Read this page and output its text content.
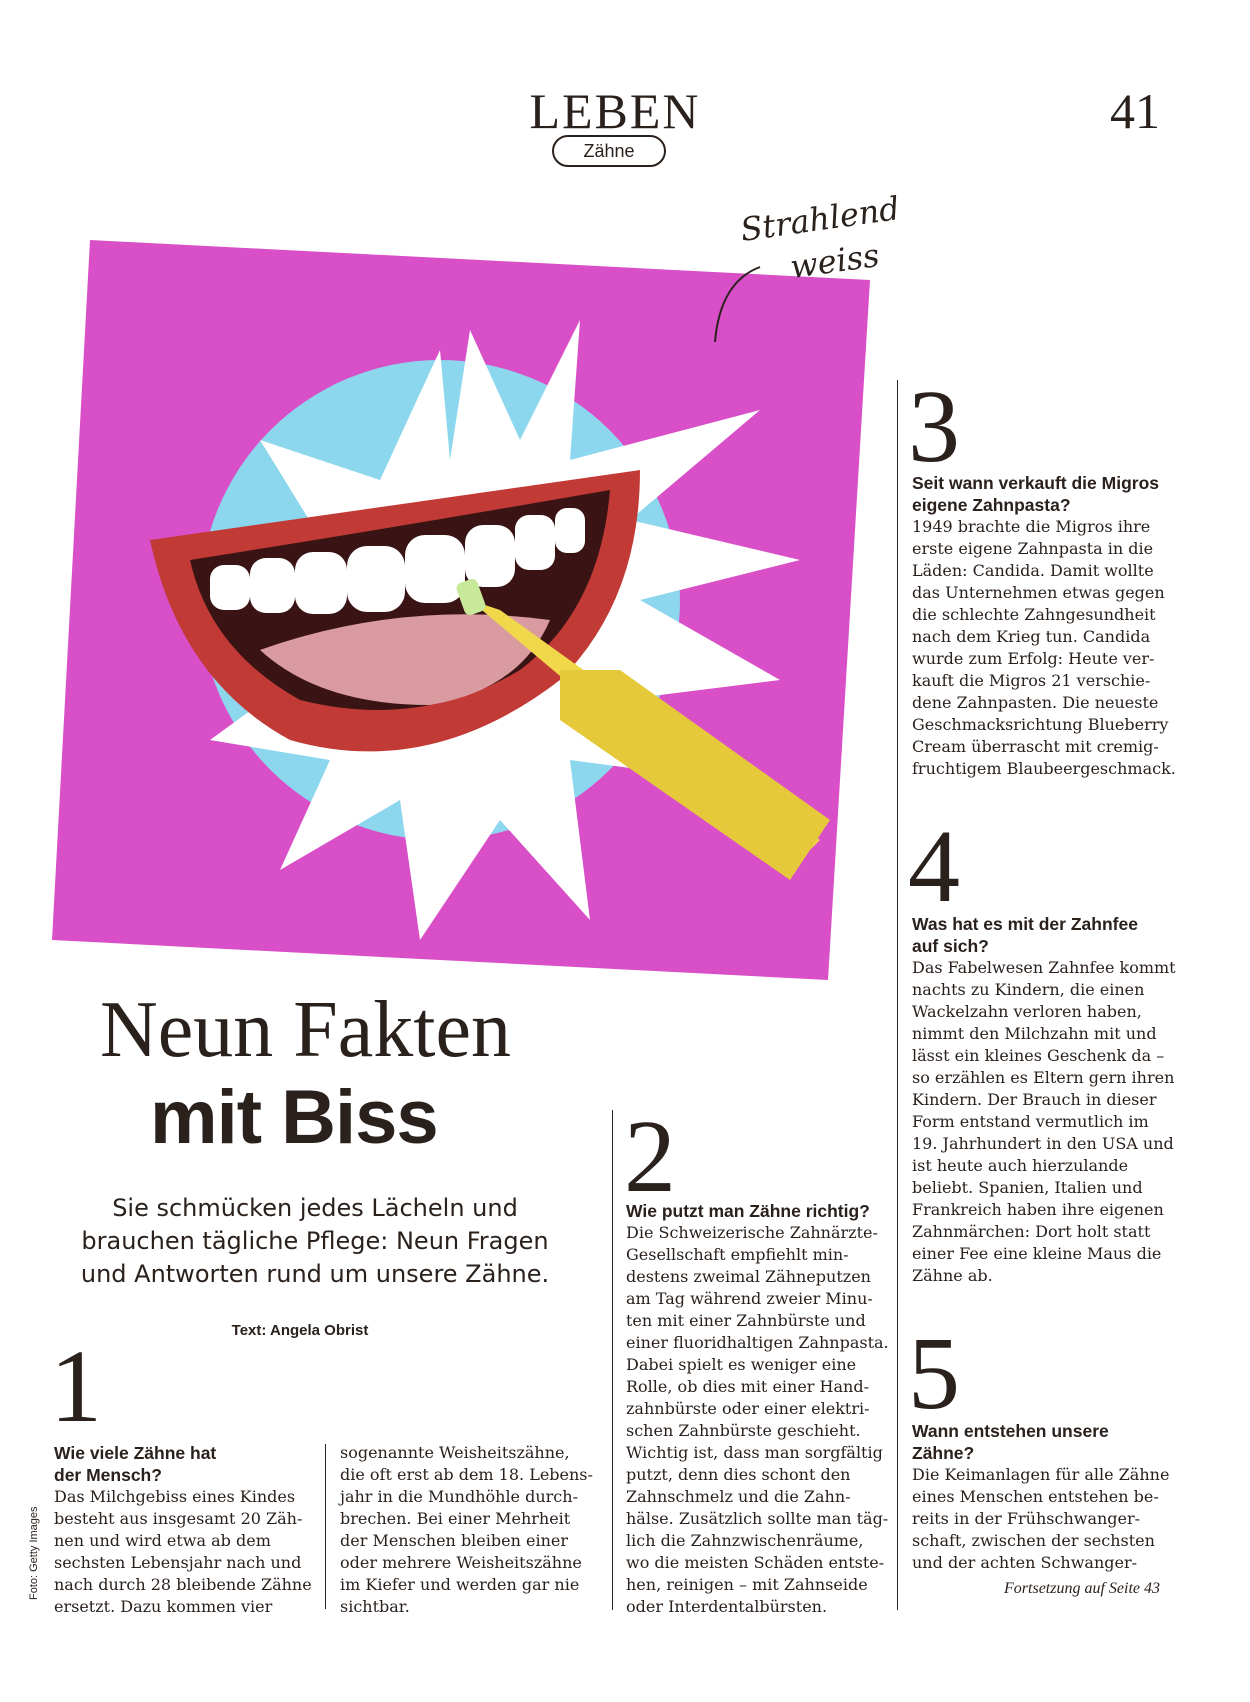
LEBEN
Zähne
41
Strahlend
weiss
Neun Fakten
mit Biss
Sie schmücken jedes Lächeln und brauchen tägliche Pflege: Neun Fragen und Antworten rund um unsere Zähne.
Text: Angela Obrist
Foto: Getty Images
1
Wie viele Zähne hat
der Mensch?
Das Milchgebiss eines Kindes
besteht aus insgesamt 20 Zäh-
nen und wird etwa ab dem
sechsten Lebensjahr nach und
nach durch 28 bleibende Zähne
ersetzt. Dazu kommen vier
sogenannte Weisheitszähne,
die oft erst ab dem 18. Lebens-
jahr in die Mundhöhle durch-
brechen. Bei einer Mehrheit
der Menschen bleiben einer
oder mehrere Weisheitszähne
im Kiefer und werden gar nie
sichtbar.
2
Wie putzt man Zähne richtig?
Die Schweizerische Zahnärzte-
Gesellschaft empfiehlt min-
destens zweimal Zähneputzen
am Tag während zweier Minu-
ten mit einer Zahnbürste und
einer fluoridhaltigen Zahnpasta.
Dabei spielt es weniger eine
Rolle, ob dies mit einer Hand-
zahnbürste oder einer elektri-
schen Zahnbürste geschieht.
Wichtig ist, dass man sorgfältig
putzt, denn dies schont den
Zahnschmelz und die Zahn-
hälse. Zusätzlich sollte man täg-
lich die Zahnzwischenräume,
wo die meisten Schäden entste-
hen, reinigen – mit Zahnseide
oder Interdentalbürsten.
3
Seit wann verkauft die Migros
eigene Zahnpasta?
1949 brachte die Migros ihre
erste eigene Zahnpasta in die
Läden: Candida. Damit wollte
das Unternehmen etwas gegen
die schlechte Zahngesundheit
nach dem Krieg tun. Candida
wurde zum Erfolg: Heute ver-
kauft die Migros 21 verschie-
dene Zahnpasten. Die neueste
Geschmacksrichtung Blueberry
Cream überrascht mit cremig-
fruchtigem Blaubeergeschmack.
4
Was hat es mit der Zahnfee
auf sich?
Das Fabelwesen Zahnfee kommt
nachts zu Kindern, die einen
Wackelzahn verloren haben,
nimmt den Milchzahn mit und
lässt ein kleines Geschenk da –
so erzählen es Eltern gern ihren
Kindern. Der Brauch in dieser
Form entstand vermutlich im
19. Jahrhundert in den USA und
ist heute auch hierzulande
beliebt. Spanien, Italien und
Frankreich haben ihre eigenen
Zahnmärchen: Dort holt statt
einer Fee eine kleine Maus die
Zähne ab.
5
Wann entstehen unsere
Zähne?
Die Keimanlagen für alle Zähne
eines Menschen entstehen be-
reits in der Frühschwanger-
schaft, zwischen der sechsten
und der achten Schwanger-
Fortsetzung auf Seite 43
